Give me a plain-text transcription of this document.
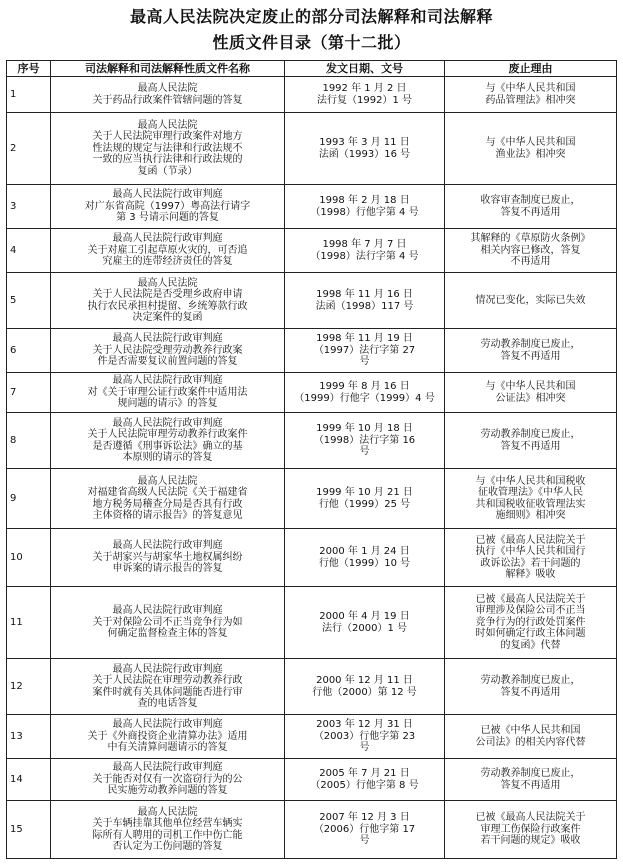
最高人民法院决定废止的部分司法解释和司法解释
性质文件目录（第十二批）
序号	司法解释和司法解释性质文件名称	发文日期、文号	废止理由
1	最高人民法院
关于药品行政案件管辖问题的答复	1992 年 1 月 2 日
法行复（1992）1 号	与《中华人民共和国
药品管理法》相冲突

2	最高人民法院
关于人民法院审理行政案件对地方
性法规的规定与法律和行政法规不
一致的应当执行法律和行政法规的
复函（节录）	1993 年 3 月 11 日
法函（1993）16 号	与《中华人民共和国
渔业法》相冲突

3	最高人民法院行政审判庭
对广东省高院（1997）粤高法行请字
第 3 号请示问题的答复	1998 年 2 月 18 日
（1998）行他字第 4 号	收容审查制度已废止，
答复不再适用

4	最高人民法院行政审判庭
关于对雇工引起草原火灾的，可否追
究雇主的连带经济责任的答复	1998 年 7 月 7 日
（1998）法行字第 4 号	其解释的《草原防火条例》
相关内容已修改，答复
不再适用

5	最高人民法院
关于人民法院是否受理乡政府申请
执行农民承担村提留、乡统筹款行政
决定案件的复函	1998 年 11 月 16 日
法函（1998）117 号	情况已变化，实际已失效

6	最高人民法院行政审判庭
关于人民法院受理劳动教养行政案
件是否需要复议前置问题的答复	1998 年 11 月 19 日
（1997）法行字第 27
号	劳动教养制度已废止，
答复不再适用

7	最高人民法院行政审判庭
对《关于审理公证行政案件中适用法
规问题的请示》的答复	1999 年 8 月 16 日
（1999）行他字（1999）4 号	与《中华人民共和国
公证法》相冲突

8	最高人民法院行政审判庭
关于人民法院审理劳动教养行政案件
是否遵循《刑事诉讼法》确立的基
本原则的请示的答复	1999 年 10 月 18 日
（1998）法行字第 16
号	劳动教养制度已废止，
答复不再适用

9	最高人民法院
对福建省高级人民法院《关于福建省
地方税务局稽查分局是否具有行政
主体资格的请示报告》的答复意见	1999 年 10 月 21 日
行他（1999）25 号	与《中华人民共和国税收
征收管理法》《中华人民
共和国税收征收管理法实
施细则》相冲突

10	最高人民法院行政审判庭
关于胡家兴与胡家华土地权属纠纷
申诉案的请示报告的答复	2000 年 1 月 24 日
行他（1999）10 号	已被《最高人民法院关于
执行《中华人民共和国行
政诉讼法》若干问题的
解释》吸收

11	最高人民法院行政审判庭
关于对保险公司不正当竞争行为如
何确定监督检查主体的答复	2000 年 4 月 19 日
法行（2000）1 号	已被《最高人民法院关于
审理涉及保险公司不正当
竞争行为的行政处罚案件
时如何确定行政主体问题
的复函》代替

12	最高人民法院行政审判庭
关于人民法院在审理劳动教养行政
案件时就有关具体问题能否进行审
查的电话答复	2000 年 12 月 11 日
行他（2000）第 12 号	劳动教养制度已废止，
答复不再适用

13	最高人民法院行政审判庭
关于《外商投资企业清算办法》适用
中有关清算问题请示的答复	2003 年 12 月 31 日
（2003）行他字第 23
号	已被《中华人民共和国
公司法》的相关内容代替

14	最高人民法院行政审判庭
关于能否对仅有一次盗窃行为的公
民实施劳动教养问题的答复	2005 年 7 月 21 日
（2005）行他字第 8 号	劳动教养制度已废止，
答复不再适用

15	最高人民法院
关于车辆挂靠其他单位经营车辆实
际所有人聘用的司机工作中伤亡能
否认定为工伤问题的答复	2007 年 12 月 3 日
（2006）行他字第 17
号	已被《最高人民法院关于
审理工伤保险行政案件
若干问题的规定》吸收
